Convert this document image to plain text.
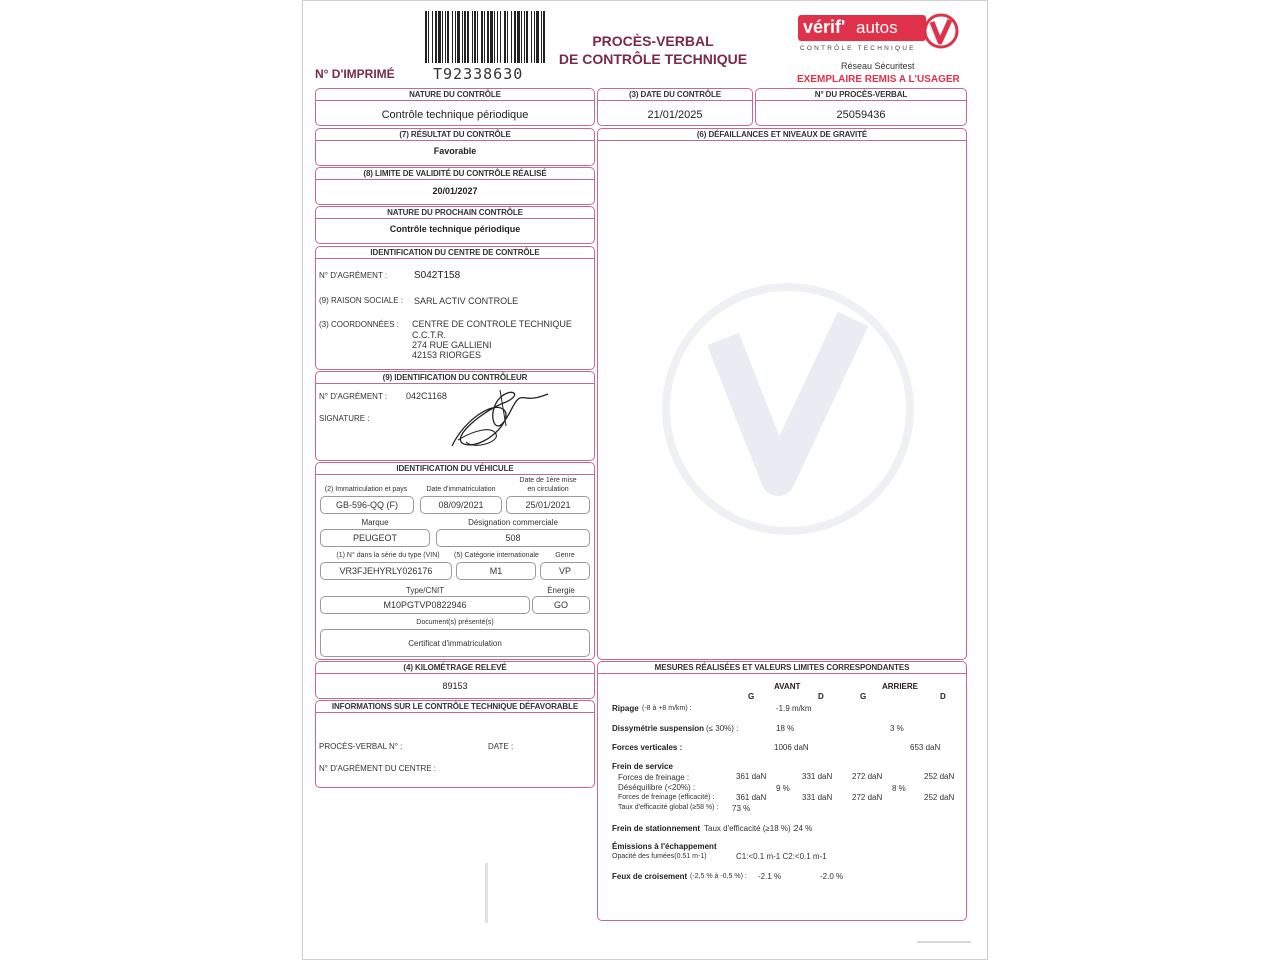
N° D'IMPRIMÉ	T92338630
PROCÈS-VERBAL
DE CONTRÔLE TECHNIQUE
vérif' autos
CONTRÔLE TECHNIQUE
Réseau Sécuritest
EXEMPLAIRE REMIS A L'USAGER
NATURE DU CONTRÔLE
Contrôle technique périodique
(3) DATE DU CONTRÔLE
21/01/2025
N° DU PROCÈS-VERBAL
25059436
(7) RÉSULTAT DU CONTRÔLE
Favorable
(6) DÉFAILLANCES ET NIVEAUX DE GRAVITÉ
(8) LIMITE DE VALIDITÉ DU CONTRÔLE RÉALISÉ
20/01/2027
NATURE DU PROCHAIN CONTRÔLE
Contrôle technique périodique
IDENTIFICATION DU CENTRE DE CONTRÔLE
N° D'AGRÉMENT :	S042T158
(9) RAISON SOCIALE : SARL ACTIV CONTROLE
(3) COORDONNÉES : CENTRE DE CONTROLE TECHNIQUE
C.C.T.R.
274 RUE GALLIENI
42153 RIORGES
(9) IDENTIFICATION DU CONTRÔLEUR
N° D'AGRÉMENT : 042C1168
SIGNATURE :
IDENTIFICATION DU VÉHICULE
(2) Immatriculation et pays	Date d'immatriculation
Date de 1ère mise
en circulation
GB-596-QQ (F)	08/09/2021	25/01/2021
Marque	Désignation commerciale
PEUGEOT	508
(1) N° dans la série du type (VIN)	(5) Catégorie internationale	Genre
VR3FJEHYRLY026176	M1	VP
Type/CNIT	Énergie
M10PGTVP0822946	GO
Document(s) présenté(s)
Certificat d'immatriculation
(4) KILOMÉTRAGE RELEVÉ
89153
INFORMATIONS SUR LE CONTRÔLE TECHNIQUE DÉFAVORABLE
PROCÈS-VERBAL N° :	DATE :
N° D'AGRÉMENT DU CENTRE :
MESURES RÉALISÉES ET VALEURS LIMITES CORRESPONDANTES
AVANT	ARRIERE
G	D	G	D
Ripage (-8 à +8 m/km) :	-1.9 m/km
Dissymétrie suspension (≤ 30%) :	18 %	3 %
Forces verticales :	1006 daN	653 daN
Frein de service
Forces de freinage :	361 daN	331 daN 272 daN	252 daN
Déséquilibre (<20%) :	9 %	8 %
Forces de freinage (efficacité) :	361 daN	331 daN 272 daN	252 daN
Taux d'efficacité global (≥58 %) : 73 %
Frein de stationnement Taux d'efficacité (≥18 %) :
24 %
Émissions à l'échappement
Opacité des fumées(0.51 m-1)	C1:<0.1 m-1 C2:<0.1 m-1
Feux de croisement (-2,5 % à -0,5 %) : -2.1 %	-2.0 %
